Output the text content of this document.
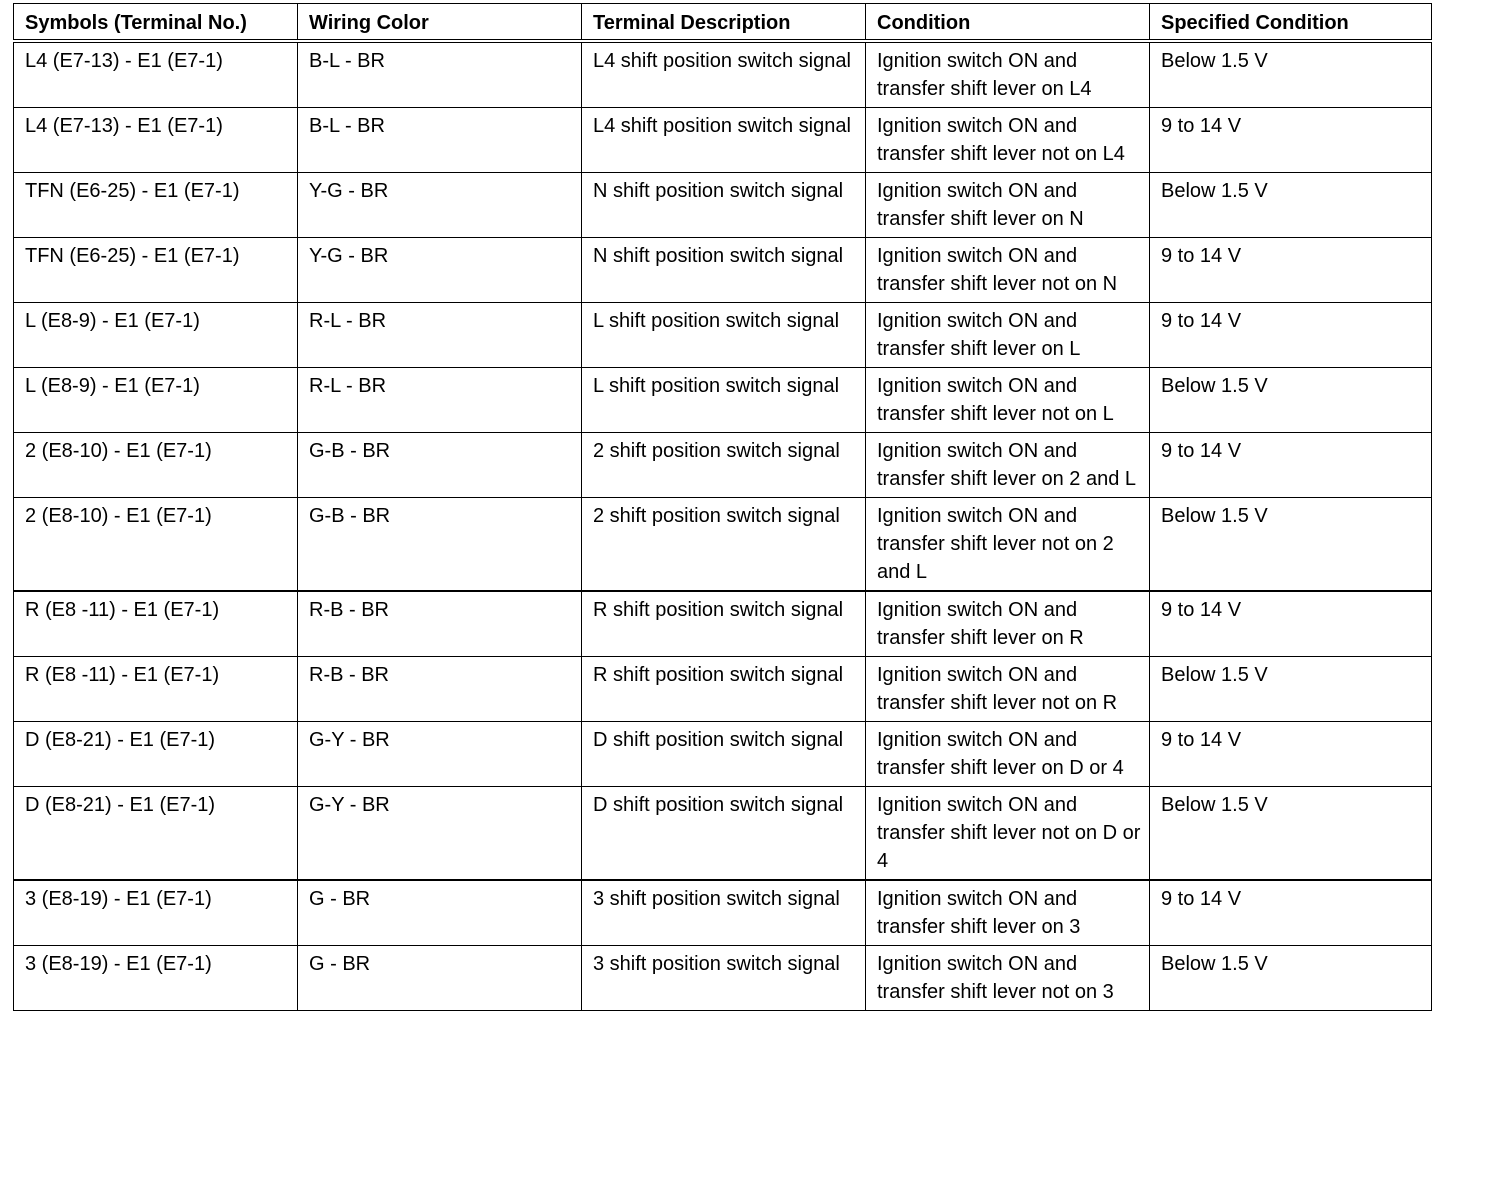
Symbols (Terminal No.)	Wiring Color	Terminal Description	Condition	Specified Condition
L4 (E7-13) - E1 (E7-1)	B-L - BR	L4 shift position switch signal	Ignition switch ON and transfer shift lever on L4	Below 1.5 V
L4 (E7-13) - E1 (E7-1)	B-L - BR	L4 shift position switch signal	Ignition switch ON and transfer shift lever not on L4	9 to 14 V
TFN (E6-25) - E1 (E7-1)	Y-G - BR	N shift position switch signal	Ignition switch ON and transfer shift lever on N	Below 1.5 V
TFN (E6-25) - E1 (E7-1)	Y-G - BR	N shift position switch signal	Ignition switch ON and transfer shift lever not on N	9 to 14 V
L (E8-9) - E1 (E7-1)	R-L - BR	L shift position switch signal	Ignition switch ON and transfer shift lever on L	9 to 14 V
L (E8-9) - E1 (E7-1)	R-L - BR	L shift position switch signal	Ignition switch ON and transfer shift lever not on L	Below 1.5 V
2 (E8-10) - E1 (E7-1)	G-B - BR	2 shift position switch signal	Ignition switch ON and transfer shift lever on 2 and L	9 to 14 V
2 (E8-10) - E1 (E7-1)	G-B - BR	2 shift position switch signal	Ignition switch ON and transfer shift lever not on 2 and L	Below 1.5 V
R (E8 -11) - E1 (E7-1)	R-B - BR	R shift position switch signal	Ignition switch ON and transfer shift lever on R	9 to 14 V
R (E8 -11) - E1 (E7-1)	R-B - BR	R shift position switch signal	Ignition switch ON and transfer shift lever not on R	Below 1.5 V
D (E8-21) - E1 (E7-1)	G-Y - BR	D shift position switch signal	Ignition switch ON and transfer shift lever on D or 4	9 to 14 V
D (E8-21) - E1 (E7-1)	G-Y - BR	D shift position switch signal	Ignition switch ON and transfer shift lever not on D or 4	Below 1.5 V
3 (E8-19) - E1 (E7-1)	G - BR	3 shift position switch signal	Ignition switch ON and transfer shift lever on 3	9 to 14 V
3 (E8-19) - E1 (E7-1)	G - BR	3 shift position switch signal	Ignition switch ON and transfer shift lever not on 3	Below 1.5 V
